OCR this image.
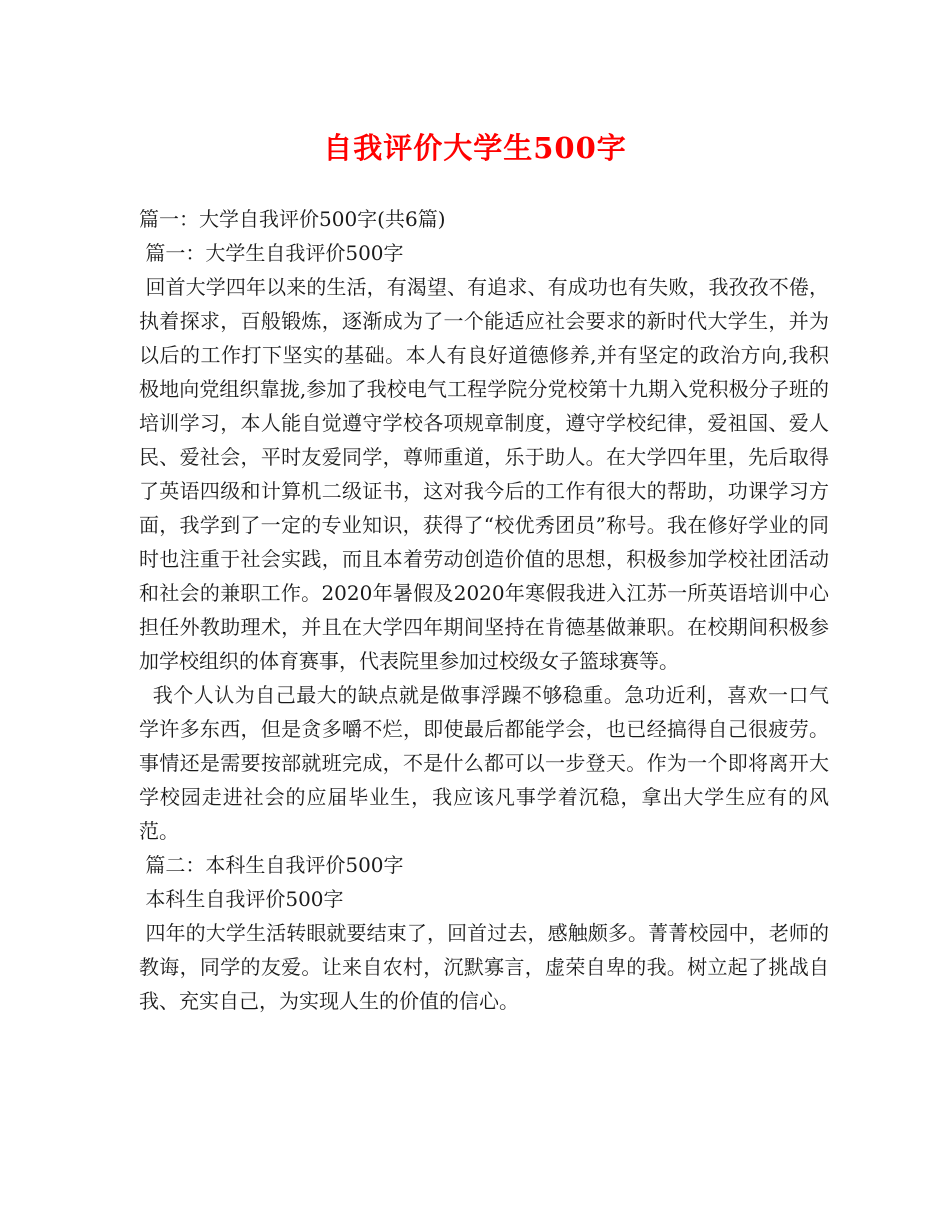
自我评价大学生500字

篇一：大学自我评价500字(共6篇)

篇一：大学生自我评价500字

回首大学四年以来的生活，有渴望、有追求、有成功也有失败，我孜孜不倦，执着探求，百般锻炼，逐渐成为了一个能适应社会要求的新时代大学生，并为以后的工作打下坚实的基础。本人有良好道德修养,并有坚定的政治方向,我积极地向党组织靠拢,参加了我校电气工程学院分党校第十九期入党积极分子班的培训学习，本人能自觉遵守学校各项规章制度，遵守学校纪律，爱祖国、爱人民、爱社会，平时友爱同学，尊师重道，乐于助人。在大学四年里，先后取得了英语四级和计算机二级证书，这对我今后的工作有很大的帮助，功课学习方面，我学到了一定的专业知识，获得了“校优秀团员”称号。我在修好学业的同时也注重于社会实践，而且本着劳动创造价值的思想，积极参加学校社团活动和社会的兼职工作。2020年暑假及2020年寒假我进入江苏一所英语培训中心担任外教助理术，并且在大学四年期间坚持在肯德基做兼职。在校期间积极参加学校组织的体育赛事，代表院里参加过校级女子篮球赛等。

我个人认为自己最大的缺点就是做事浮躁不够稳重。急功近利，喜欢一口气学许多东西，但是贪多嚼不烂，即使最后都能学会，也已经搞得自己很疲劳。事情还是需要按部就班完成，不是什么都可以一步登天。作为一个即将离开大学校园走进社会的应届毕业生，我应该凡事学着沉稳，拿出大学生应有的风范。

篇二：本科生自我评价500字

本科生自我评价500字

四年的大学生活转眼就要结束了，回首过去，感触颇多。菁菁校园中，老师的教诲，同学的友爱。让来自农村，沉默寡言，虚荣自卑的我。树立起了挑战自我、充实自己，为实现人生的价值的信心。
